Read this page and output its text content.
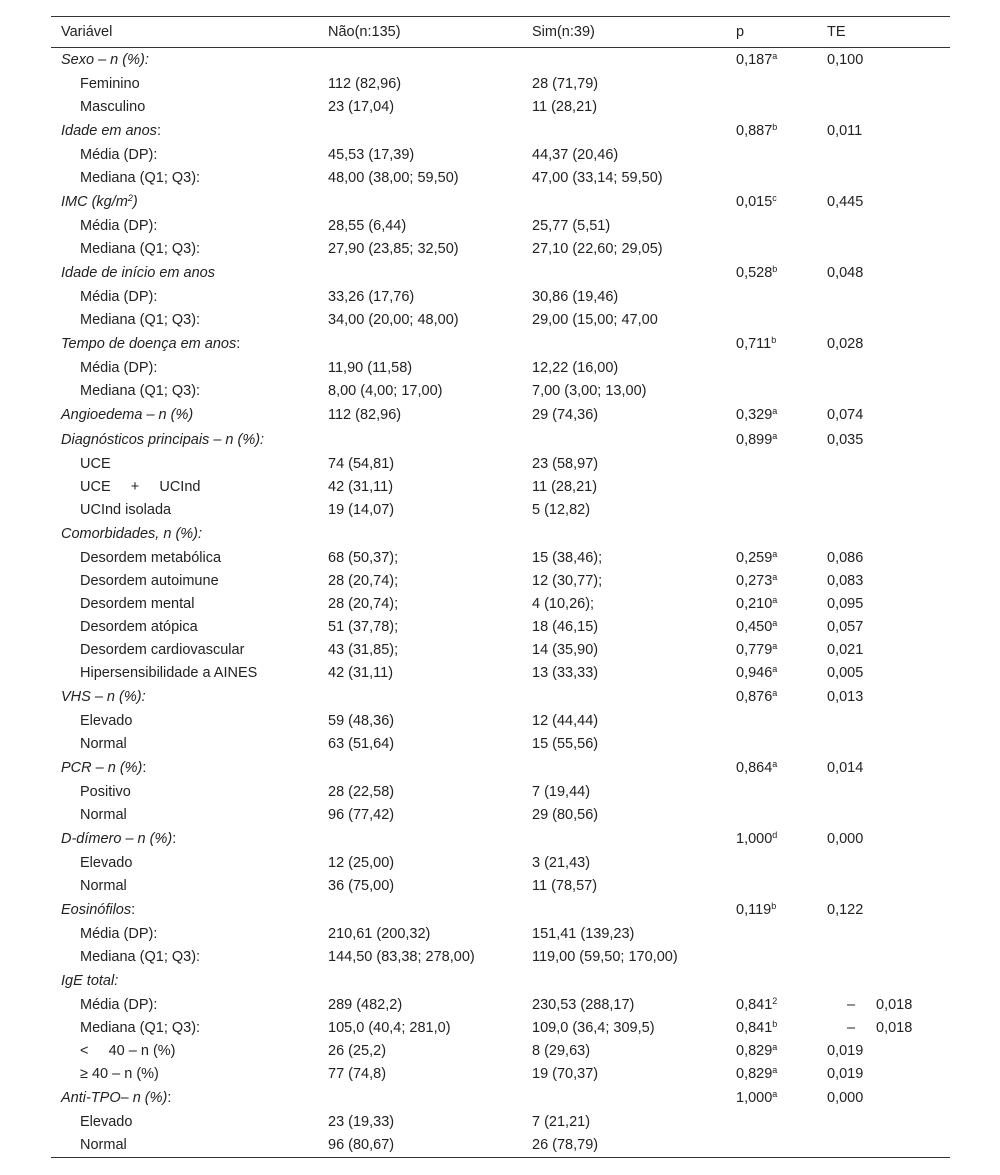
Variável	Não(n:135)	Sim(n:39)	p	TE
Sexo – n (%):			0,187$^a$	0,100
Feminino	112 (82,96)	28 (71,79)		
Masculino	23 (17,04)	11 (28,21)		
Idade em anos:			0,887$^b$	0,011
Média (DP):	45,53 (17,39)	44,37 (20,46)		
Mediana (Q1; Q3):	48,00 (38,00; 59,50)	47,00 (33,14; 59,50)		
IMC $(kg/m^2)$			0,015$^c$	0,445
Média (DP):	28,55 (6,44)	25,77 (5,51)		
Mediana (Q1; Q3):	27,90 (23,85; 32,50)	27,10 (22,60; 29,05)		
Idade de início em anos			0,528$^b$	0,048
Média (DP):	33,26 (17,76)	30,86 (19,46)		
Mediana (Q1; Q3):	34,00 (20,00; 48,00)	29,00 (15,00; 47,00		
Tempo de doença em anos:			0,711$^b$	0,028
Média (DP):	11,90 (11,58)	12,22 (16,00)		
Mediana (Q1; Q3):	8,00 (4,00; 17,00)	7,00 (3,00; 13,00)		
Angioedema – n (%)	112 (82,96)	29 (74,36)	0,329$^a$	0,074
Diagnósticos principais – n (%):			0,899$^a$	0,035
UCE	74 (54,81)	23 (58,97)		
UCE     +     UCInd	42 (31,11)	11 (28,21)		
UCInd isolada	19 (14,07)	5 (12,82)		
Comorbidades, n (%):				
Desordem metabólica	68 (50,37);	15 (38,46);	0,259$^a$	0,086
Desordem autoimune	28 (20,74);	12 (30,77);	0,273$^a$	0,083
Desordem mental	28 (20,74);	4 (10,26);	0,210$^a$	0,095
Desordem atópica	51 (37,78);	18 (46,15)	0,450$^a$	0,057
Desordem cardiovascular	43 (31,85);	14 (35,90)	0,779$^a$	0,021
Hipersensibilidade a AINES	42 (31,11)	13 (33,33)	0,946$^a$	0,005
VHS – n (%):			0,876$^a$	0,013
Elevado	59 (48,36)	12 (44,44)		
Normal	63 (51,64)	15 (55,56)		
PCR – n (%):			0,864$^a$	0,014
Positivo	28 (22,58)	7 (19,44)		
Normal	96 (77,42)	29 (80,56)		
D-dímero – n (%):			1,000$^d$	0,000
Elevado	12 (25,00)	3 (21,43)		
Normal	36 (75,00)	11 (78,57)		
Eosinófilos:			0,119$^b$	0,122
Média (DP):	210,61 (200,32)	151,41 (139,23)		
Mediana (Q1; Q3):	144,50 (83,38; 278,00)	119,00 (59,50; 170,00)		
IgE total:				
Média (DP):	289 (482,2)	230,53 (288,17)	0,841$^2$	– 0,018
Mediana (Q1; Q3):	105,0 (40,4; 281,0)	109,0 (36,4; 309,5)	0,841$^b$	– 0,018
<     40 – n (%)	26 (25,2)	8 (29,63)	0,829$^a$	0,019
≥ 40 – n (%)	77 (74,8)	19 (70,37)	0,829$^a$	0,019
Anti-TPO– n (%):			1,000$^a$	0,000
Elevado	23 (19,33)	7 (21,21)		
Normal	96 (80,67)	26 (78,79)		
